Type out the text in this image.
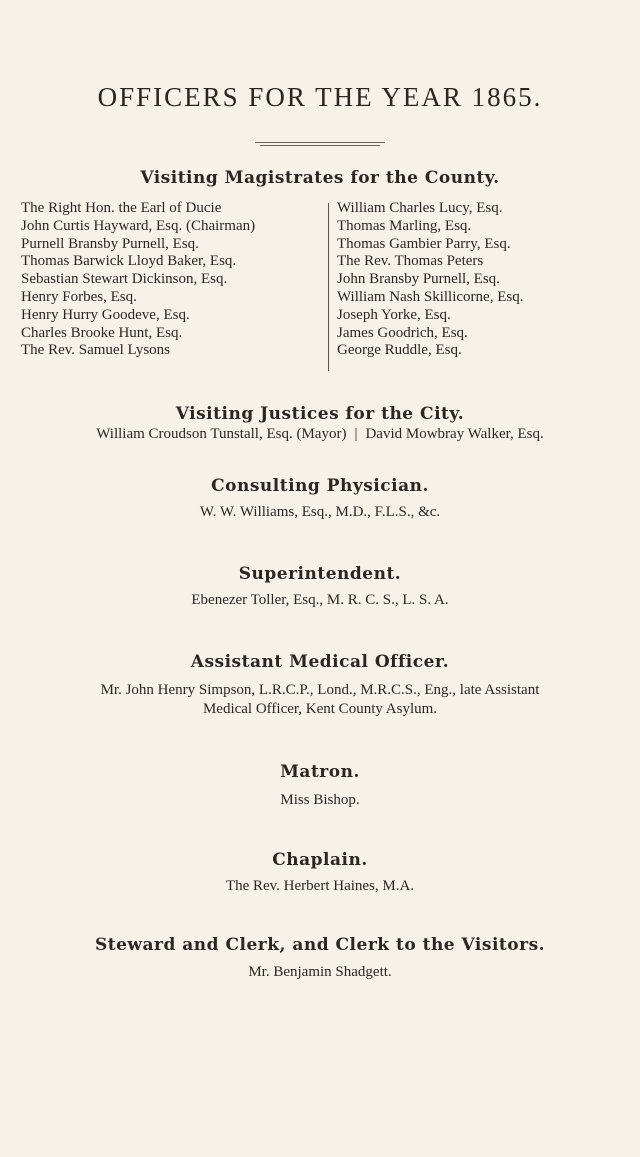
OFFICERS FOR THE YEAR 1865.
Visiting Magistrates for the County.
The Right Hon. the Earl of Ducie
John Curtis Hayward, Esq. (Chairman)
Purnell Bransby Purnell, Esq.
Thomas Barwick Lloyd Baker, Esq.
Sebastian Stewart Dickinson, Esq.
Henry Forbes, Esq.
Henry Hurry Goodeve, Esq.
Charles Brooke Hunt, Esq.
The Rev. Samuel Lysons
William Charles Lucy, Esq.
Thomas Marling, Esq.
Thomas Gambier Parry, Esq.
The Rev. Thomas Peters
John Bransby Purnell, Esq.
William Nash Skillicorne, Esq.
Joseph Yorke, Esq.
James Goodrich, Esq.
George Ruddle, Esq.
Visiting Justices for the City.

William Croudson Tunstall, Esq. (Mayor) | David Mowbray Walker, Esq.

Consulting Physician.

W. W. Williams, Esq., M.D., F.L.S., &c.

Superintendent.

Ebenezer Toller, Esq., M. R. C. S., L. S. A.

Assistant Medical Officer.

Mr. John Henry Simpson, L.R.C.P., Lond., M.R.C.S., Eng., late Assistant

Medical Officer, Kent County Asylum.

Matron.

Miss Bishop.

Chaplain.

The Rev. Herbert Haines, M.A.

Steward and Clerk, and Clerk to the Visitors.

Mr. Benjamin Shadgett.
